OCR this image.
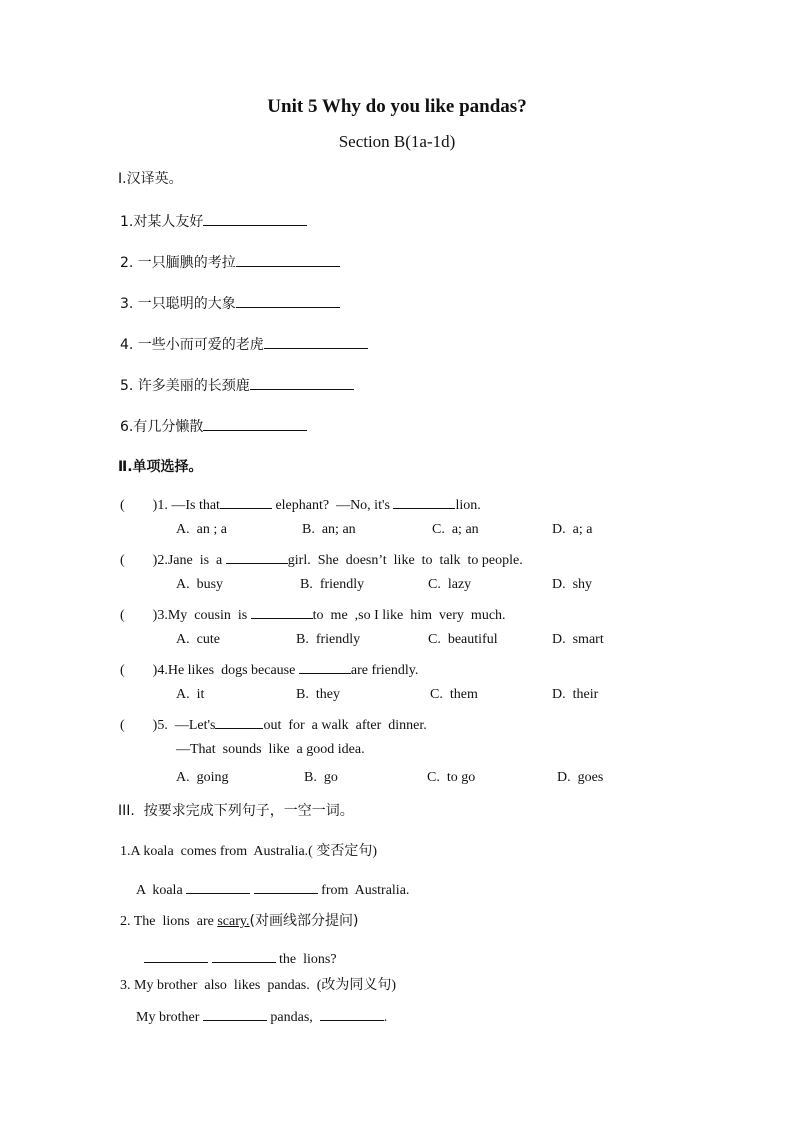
Unit 5 Why do you like pandas?
Section B(1a-1d)
Ⅰ.汉译英。
1.对某人友好
2. 一只腼腆的考拉
3. 一只聪明的大象
4. 一些小而可爱的老虎
5. 许多美丽的长颈鹿
6.有几分懒散
Ⅱ.单项选择。
(        )1. —Is that	elephant?  —No, it's	lion.
A.  an ; a	B.  an; an	C.  a; an	D.  a; a
(        )2.Jane  is  a	girl.  She  doesn’t  like  to  talk  to people.
A.  busy	B.  friendly	C.  lazy	D.  shy
(        )3.My  cousin  is	to  me  ,so I like  him  very  much.
A.  cute	B.  friendly	C.  beautiful	D.  smart
(        )4.He likes  dogs because	are friendly.
A.  it	B.  they	C.  them	D.  their
(        )5.  —Let's	out  for  a walk  after  dinner.
—That  sounds  like  a good idea.
A.  going	B.  go	C.  to go	D.  goes
III.  按要求完成下列句子，一空一词。
1.A koala  comes from  Australia.( 变否定句)
A  koala	from  Australia.
2. The  lions  are scary.(对画线部分提问)
the  lions?
3. My brother  also  likes  pandas.  (改为同义句)
My brother	pandas,	.
